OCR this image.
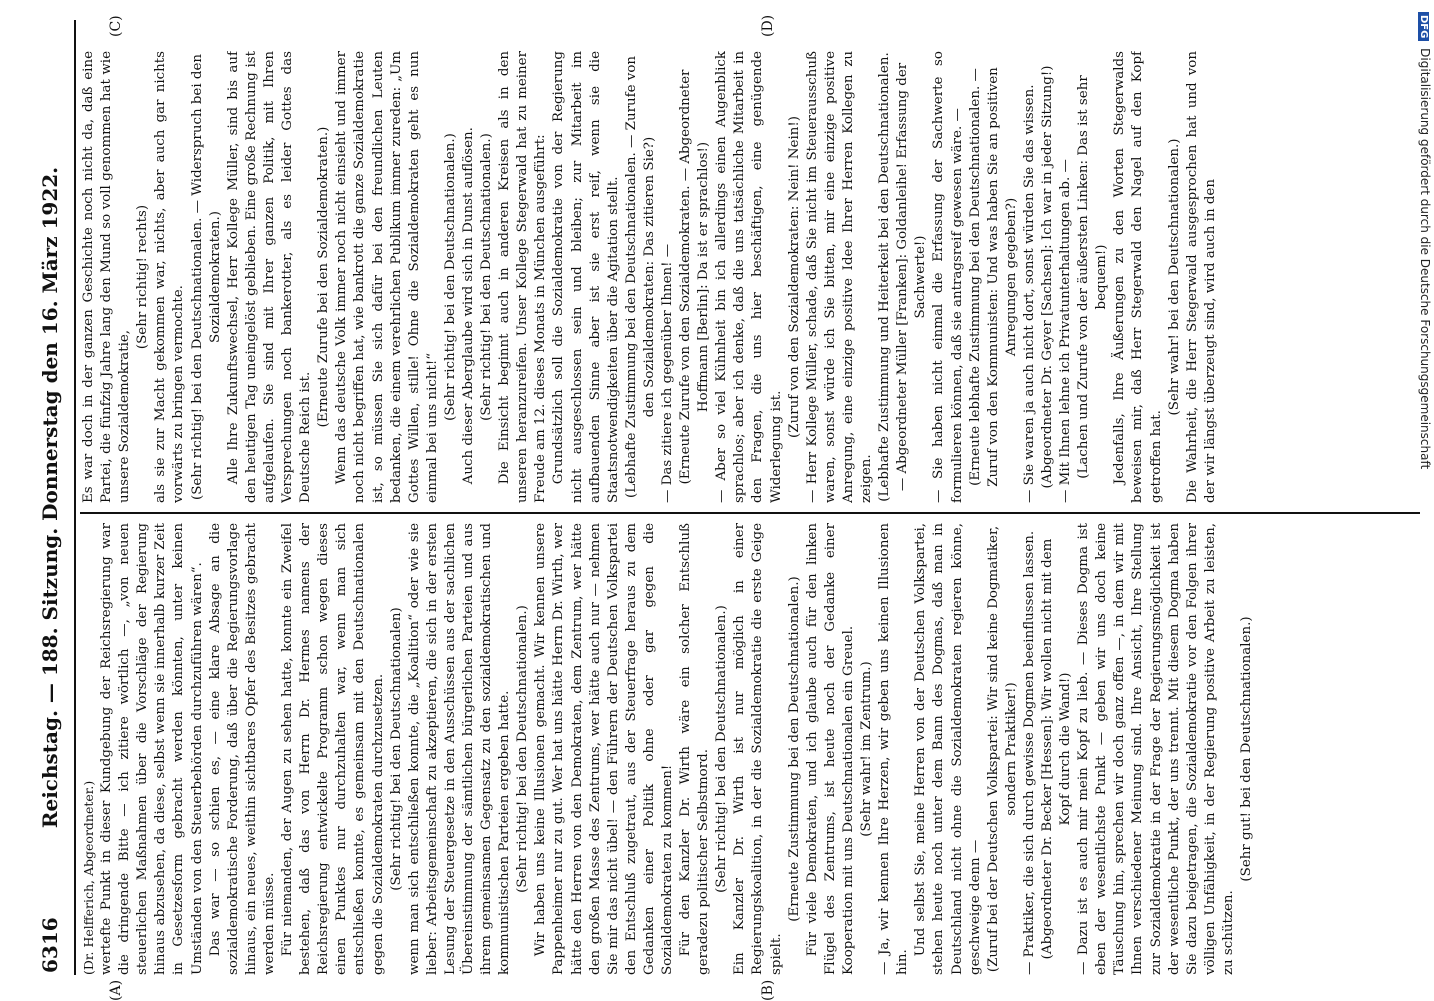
6316
Reichstag. — 188. Sitzung. Donnerstag den 16. März 1922.
(A)	(B)

(Dr. Helfferich, Abgeordneter.) wertefte Punkt in dieser Kundgebung der Reichsregierung war die dringende Bitte — ich zitiere wörtlich —, „von neuen steuerlichen Maßnahmen über die Vorschläge der Regierung hinaus abzusehen, da diese, selbst wenn sie innerhalb kurzer Zeit in Gesetzesform gebracht werden könnten, unter keinen Umständen von den Steuerbehörden durchzuführen wären“. Das war — so schien es, — eine klare Absage an die sozialdemokratische Forderung, daß über die Regierungsvorlage hinaus, ein neues, weithin sichtbares Opfer des Besitzes gebracht werden müsse. Für niemanden, der Augen zu sehen hatte, konnte ein Zweifel bestehen, daß das von Herrn Dr. Hermes namens der Reichsregierung entwickelte Programm schon wegen dieses einen Punktes nur durchzuhalten war, wenn man sich entschließen konnte, es gemeinsam mit den Deutschnationalen gegen die Sozialdemokraten durchzusetzen. (Sehr richtig! bei den Deutschnationalen) wenn man sich entschließen konnte, die „Koalition“ oder wie sie lieber: Arbeitsgemeinschaft zu akzeptieren, die sich in der ersten Lesung der Steuergesetze in den Ausschüssen aus der sachlichen Übereinstimmung der sämtlichen bürgerlichen Parteien und aus ihrem gemeinsamen Gegensatz zu den sozialdemokratischen und kommunistischen Parteien ergeben hatte. (Sehr richtig! bei den Deutschnationalen.) Wir haben uns keine Illusionen gemacht. Wir kennen unsere Pappenheimer nur zu gut. Wer hat uns hätte Herrn Dr. Wirth, wer hätte den Herren von den Demokraten, dem Zentrum, wer hätte den großen Masse des Zentrums, wer hätte auch nur — nehmen Sie mir das nicht übel! — den Führern der Deutschen Volkspartei den Entschluß zugetraut, aus der Steuerfrage heraus zu dem Gedanken einer Politik ohne oder gar gegen die Sozialdemokraten zu kommen! Für den Kanzler Dr. Wirth wäre ein solcher Entschluß geradezu politischer Selbstmord. (Sehr richtig! bei den Deutschnationalen.) Ein Kanzler Dr. Wirth ist nur möglich in einer Regierungskoalition, in der die Sozialdemokratie die erste Geige spielt.

(Erneute Zustimmung bei den Deutschnationalen.) Für viele Demokraten, und ich glaube auch für den linken Flügel des Zentrums, ist heute noch der Gedanke einer Kooperation mit uns Deutschnationalen ein Greuel. (Sehr wahr! im Zentrum.) — Ja, wir kennen Ihre Herzen, wir geben uns keinen Illusionen hin.

Und selbst Sie, meine Herren von der Deutschen Volkspartei, stehen heute noch unter dem Bann des Dogmas, daß man in Deutschland nicht ohne die Sozialdemokraten regieren könne, geschweige denn — (Zuruf bei der Deutschen Volkspartei: Wir sind keine Dogmatiker, sondern Praktiker!) — Praktiker, die sich durch gewisse Dogmen beeinflussen lassen. (Abgeordneter Dr. Becker [Hessen]: Wir wollen nicht mit dem Kopf durch die Wand!) — Dazu ist es auch mir mein Kopf zu lieb. — Dieses Dogma ist eben der wesentlichste Punkt — geben wir uns doch keine Täuschung hin, sprechen wir doch ganz offen —, in dem wir mit Ihnen verschiedener Meinung sind. Ihre Ansicht, Ihre Stellung zur Sozialdemokratie in der Frage der Regierungsmöglichkeit ist der wesentliche Punkt, der uns trennt. Mit diesem Dogma haben Sie dazu beigetragen, die Sozialdemokratie vor den Folgen ihrer völligen Unfähigkeit, in der Regierung positive Arbeit zu leisten, zu schützen.

(Sehr gut! bei den Deutschnationalen.)

(C)	(D)

Es war doch in der ganzen Geschichte noch nicht da, daß eine Partei, die fünfzig Jahre lang den Mund so voll genommen hat wie unsere Sozialdemokratie,

(Sehr richtig! rechts) als sie zur Macht gekommen war, nichts, aber auch gar nichts vorwärts zu bringen vermochte. (Sehr richtig! bei den Deutschnationalen. — Widerspruch bei den Sozialdemokraten.) Alle Ihre Zukunftswechsel, Herr Kollege Müller, sind bis auf den heutigen Tag uneingelöst geblieben. Eine große Rechnung ist aufgelaufen. Sie sind mit Ihrer ganzen Politik, mit Ihren Versprechungen noch bankerotter, als es leider Gottes das Deutsche Reich ist.

(Erneute Zurufe bei den Sozialdemokraten.) Wenn das deutsche Volk immer noch nicht einsieht und immer noch nicht begriffen hat, wie bankrott die ganze Sozialdemokratie ist, so müssen Sie sich dafür bei den freundlichen Leuten bedanken, die einem verehrlichen Publikum immer zureden: „Um Gottes Willen, stille! Ohne die Sozialdemokraten geht es nun einmal bei uns nicht!“

(Sehr richtig! bei den Deutschnationalen.) Auch dieser Aberglaube wird sich in Dunst auflösen. (Sehr richtig! bei den Deutschnationalen.) Die Einsicht beginnt auch in anderen Kreisen als in den unseren heranzureifen. Unser Kollege Stegerwald hat zu meiner Freude am 12. dieses Monats in München ausgeführt: Grundsätzlich soll die Sozialdemokratie von der Regierung nicht ausgeschlossen sein und bleiben; zur Mitarbeit im aufbauenden Sinne aber ist sie erst reif, wenn sie die Staatsnotwendigkeiten über die Agitation stellt. (Lebhafte Zustimmung bei den Deutschnationalen. — Zurufe von den Sozialdemokraten: Das zitieren Sie?) — Das zitiere ich gegenüber Ihnen! — (Erneute Zurufe von den Sozialdemokraten. — Abgeordneter Hoffmann [Berlin]: Da ist er sprachlos!) — Aber so viel Kühnheit bin ich allerdings einen Augenblick sprachlos; aber ich denke, daß die uns tatsächliche Mitarbeit in den Fragen, die uns hier beschäftigen, eine genügende Widerlegung ist.

(Zuruf von den Sozialdemokraten: Nein! Nein!) — Herr Kollege Müller, schade, daß Sie nicht im Steuerausschuß waren, sonst würde ich Sie bitten, mir eine einzige positive Anregung, eine einzige positive Idee Ihrer Herren Kollegen zu zeigen. (Lebhafte Zustimmung und Heiterkeit bei den Deutschnationalen. — Abgeordneter Müller [Franken]: Goldanleihe! Erfassung der Sachwerte!) — Sie haben nicht einmal die Erfassung der Sachwerte so formulieren können, daß sie antragsreif gewesen wäre. — (Erneute lebhafte Zustimmung bei den Deutschnationalen. — Zuruf von den Kommunisten: Und was haben Sie an positiven Anregungen gegeben?) — Sie waren ja auch nicht dort, sonst würden Sie das wissen. (Abgeordneter Dr. Geyer [Sachsen]: Ich war in jeder Sitzung!) — Mit Ihnen lehne ich Privatunterhaltungen ab. — (Lachen und Zurufe von der äußersten Linken: Das ist sehr bequem!) Jedenfalls, Ihre Äußerungen zu den Worten Stegerwalds beweisen mir, daß Herr Stegerwald den Nagel auf den Kopf getroffen hat.

(Sehr wahr! bei den Deutschnationalen.) Die Wahrheit, die Herr Stegerwald ausgesprochen hat und von der wir längst überzeugt sind, wird auch in den

DFG Digitalisierung gefördert durch die Deutsche Forschungsgemeinschaft
